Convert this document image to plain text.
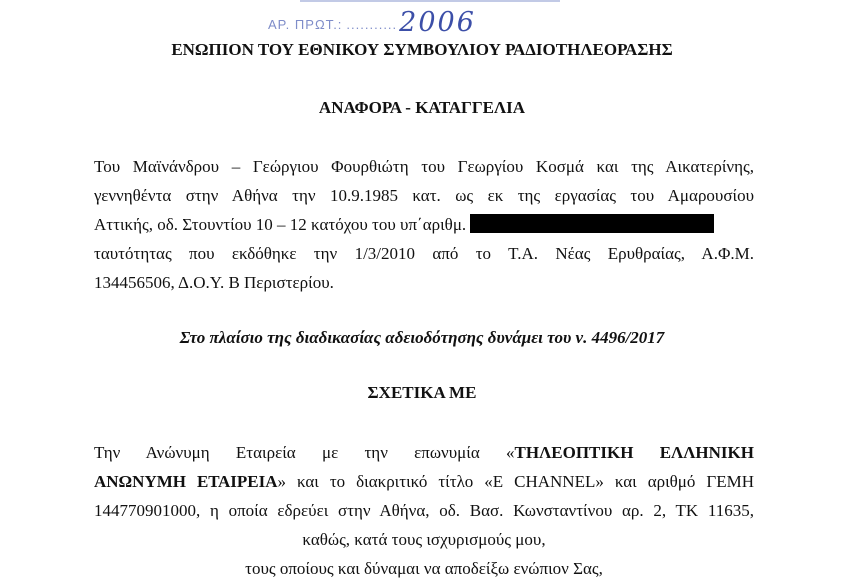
ΑΡ. ΠΡΩΤ.: ........... 2006
ΕΝΩΠΙΟΝ ΤΟΥ ΕΘΝΙΚΟΥ ΣΥΜΒΟΥΛΙΟΥ ΡΑΔΙΟΤΗΛΕΟΡΑΣΗΣ
ΑΝΑΦΟΡΑ - ΚΑΤΑΓΓΕΛΙΑ
Του Μαϊνάνδρου – Γεώργιου Φουρθιώτη του Γεωργίου Κοσμά και της Αικατερίνης,
γεννηθέντα στην Αθήνα την 10.9.1985 κατ. ως εκ της εργασίας του Αμαρουσίου
Αττικής, οδ. Στουντίου 10 – 12 κατόχου του υπ΄αριθμ.
ταυτότητας που εκδόθηκε την 1/3/2010 από το Τ.Α. Νέας Ερυθραίας, Α.Φ.Μ.
134456506, Δ.Ο.Υ. Β Περιστερίου.
Στο πλαίσιο της διαδικασίας αδειοδότησης δυνάμει του ν. 4496/2017
ΣΧΕΤΙΚΑ ΜΕ
Την Ανώνυμη Εταιρεία με την επωνυμία «ΤΗΛΕΟΠΤΙΚΗ ΕΛΛΗΝΙΚΗ
ΑΝΩΝΥΜΗ ΕΤΑΙΡΕΙΑ» και το διακριτικό τίτλο «E CHANNEL» και αριθμό ΓΕΜΗ
144770901000, η οποία εδρεύει στην Αθήνα, οδ. Βασ. Κωνσταντίνου αρ. 2, ΤΚ 11635,
καθώς, κατά τους ισχυρισμούς μου,
τους οποίους και δύναμαι να αποδείξω ενώπιον Σας,
